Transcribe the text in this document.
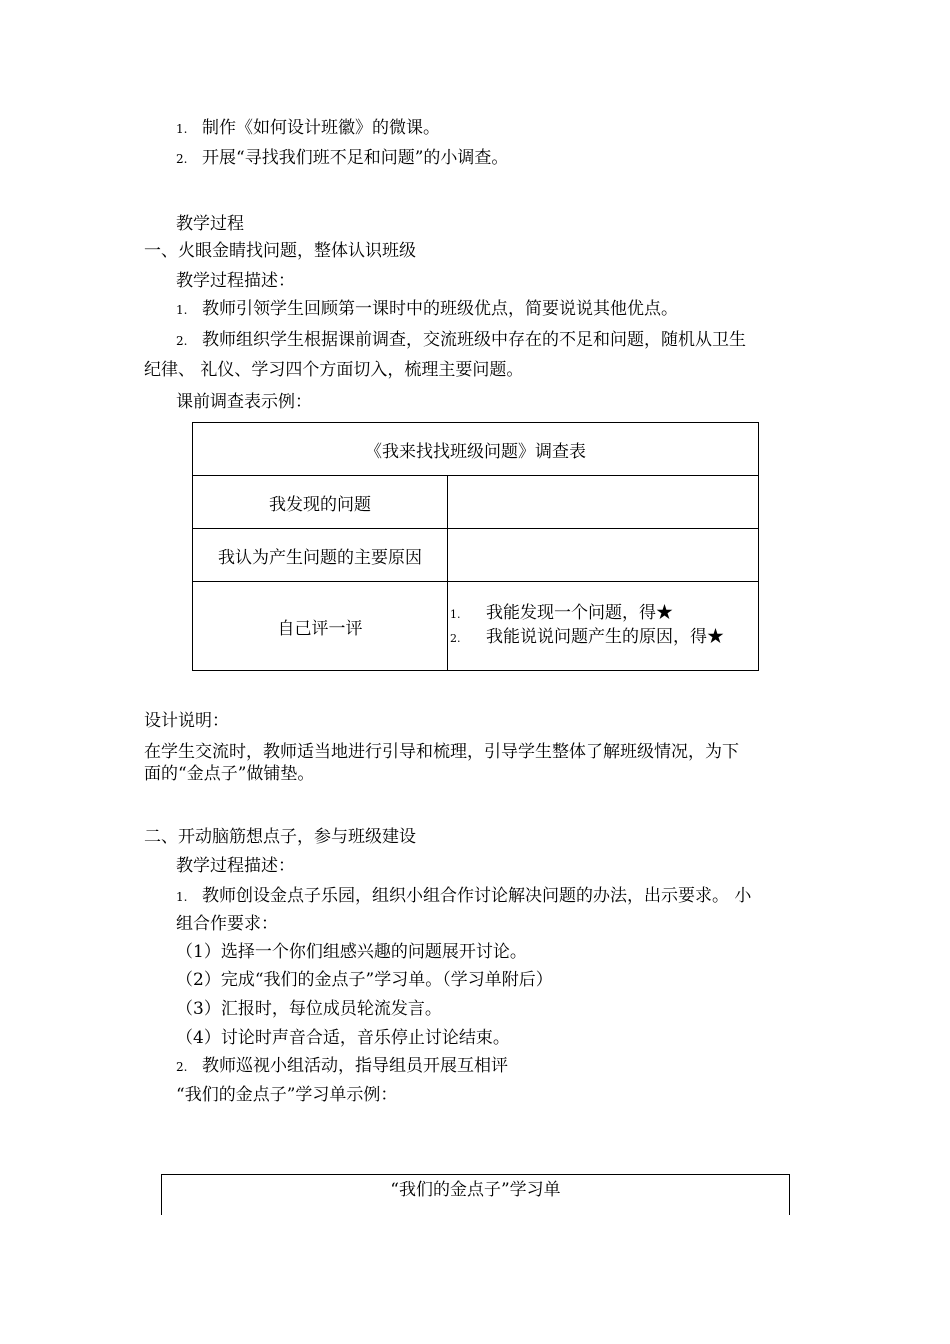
1. 制作《如何设计班徽》的微课。
2. 开展“寻找我们班不足和问题”的小调查。
教学过程
一、火眼金睛找问题，整体认识班级
教学过程描述：
1. 教师引领学生回顾第一课时中的班级优点，简要说说其他优点。
2. 教师组织学生根据课前调查，交流班级中存在的不足和问题，随机从卫生
纪律、 礼仪、学习四个方面切入，梳理主要问题。
课前调查表示例：
《我来找找班级问题》调查表	
我发现的问题	
我认为产生问题的主要原因	
自己评一评	1. 我能发现一个问题，得★
2. 我能说说问题产生的原因，得★
设计说明：
在学生交流时，教师适当地进行引导和梳理，引导学生整体了解班级情况，为下
面的“金点子”做铺垫。
二、开动脑筋想点子，参与班级建设
教学过程描述：
1. 教师创设金点子乐园，组织小组合作讨论解决问题的办法，出示要求。 小
组合作要求：
（1）选择一个你们组感兴趣的问题展开讨论。
（2）完成“我们的金点子”学习单。（学习单附后）
（3）汇报时，每位成员轮流发言。
（4）讨论时声音合适，音乐停止讨论结束。
2. 教师巡视小组活动，指导组员开展互相评
“我们的金点子”学习单示例：
“我们的金点子”学习单
